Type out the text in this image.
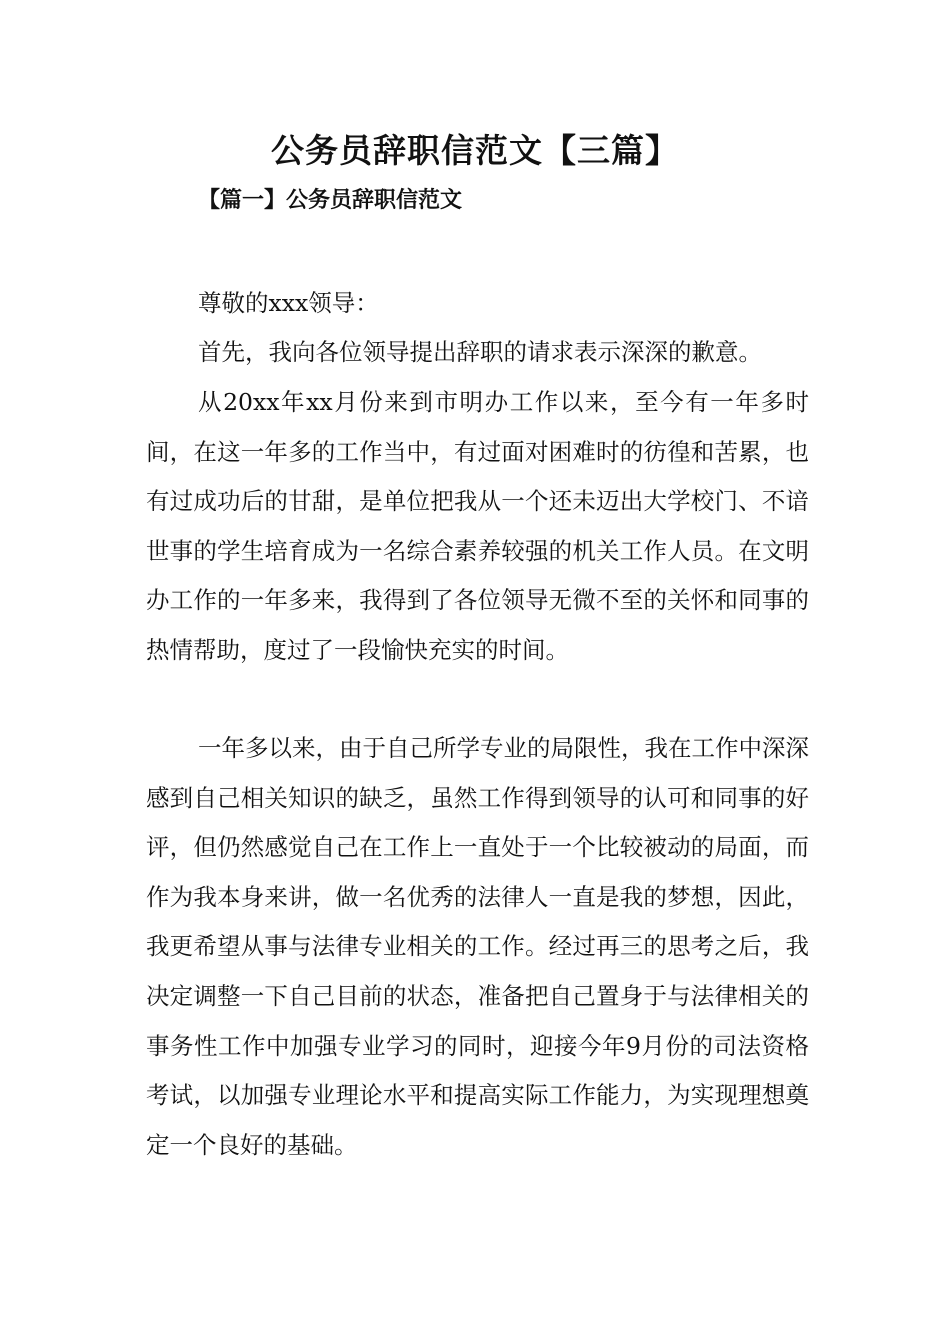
公务员辞职信范文【三篇】
【篇一】公务员辞职信范文

尊敬的xxx领导：

首先，我向各位领导提出辞职的请求表示深深的歉意。

从20xx年xx月份来到市明办工作以来，至今有一年多时间，在这一年多的工作当中，有过面对困难时的彷徨和苦累，也有过成功后的甘甜，是单位把我从一个还未迈出大学校门、不谙世事的学生培育成为一名综合素养较强的机关工作人员。在文明办工作的一年多来，我得到了各位领导无微不至的关怀和同事的热情帮助，度过了一段愉快充实的时间。

一年多以来，由于自己所学专业的局限性，我在工作中深深感到自己相关知识的缺乏，虽然工作得到领导的认可和同事的好评，但仍然感觉自己在工作上一直处于一个比较被动的局面，而作为我本身来讲，做一名优秀的法律人一直是我的梦想，因此，我更希望从事与法律专业相关的工作。经过再三的思考之后，我决定调整一下自己目前的状态，准备把自己置身于与法律相关的事务性工作中加强专业学习的同时，迎接今年9月份的司法资格考试，以加强专业理论水平和提高实际工作能力，为实现理想奠定一个良好的基础。
